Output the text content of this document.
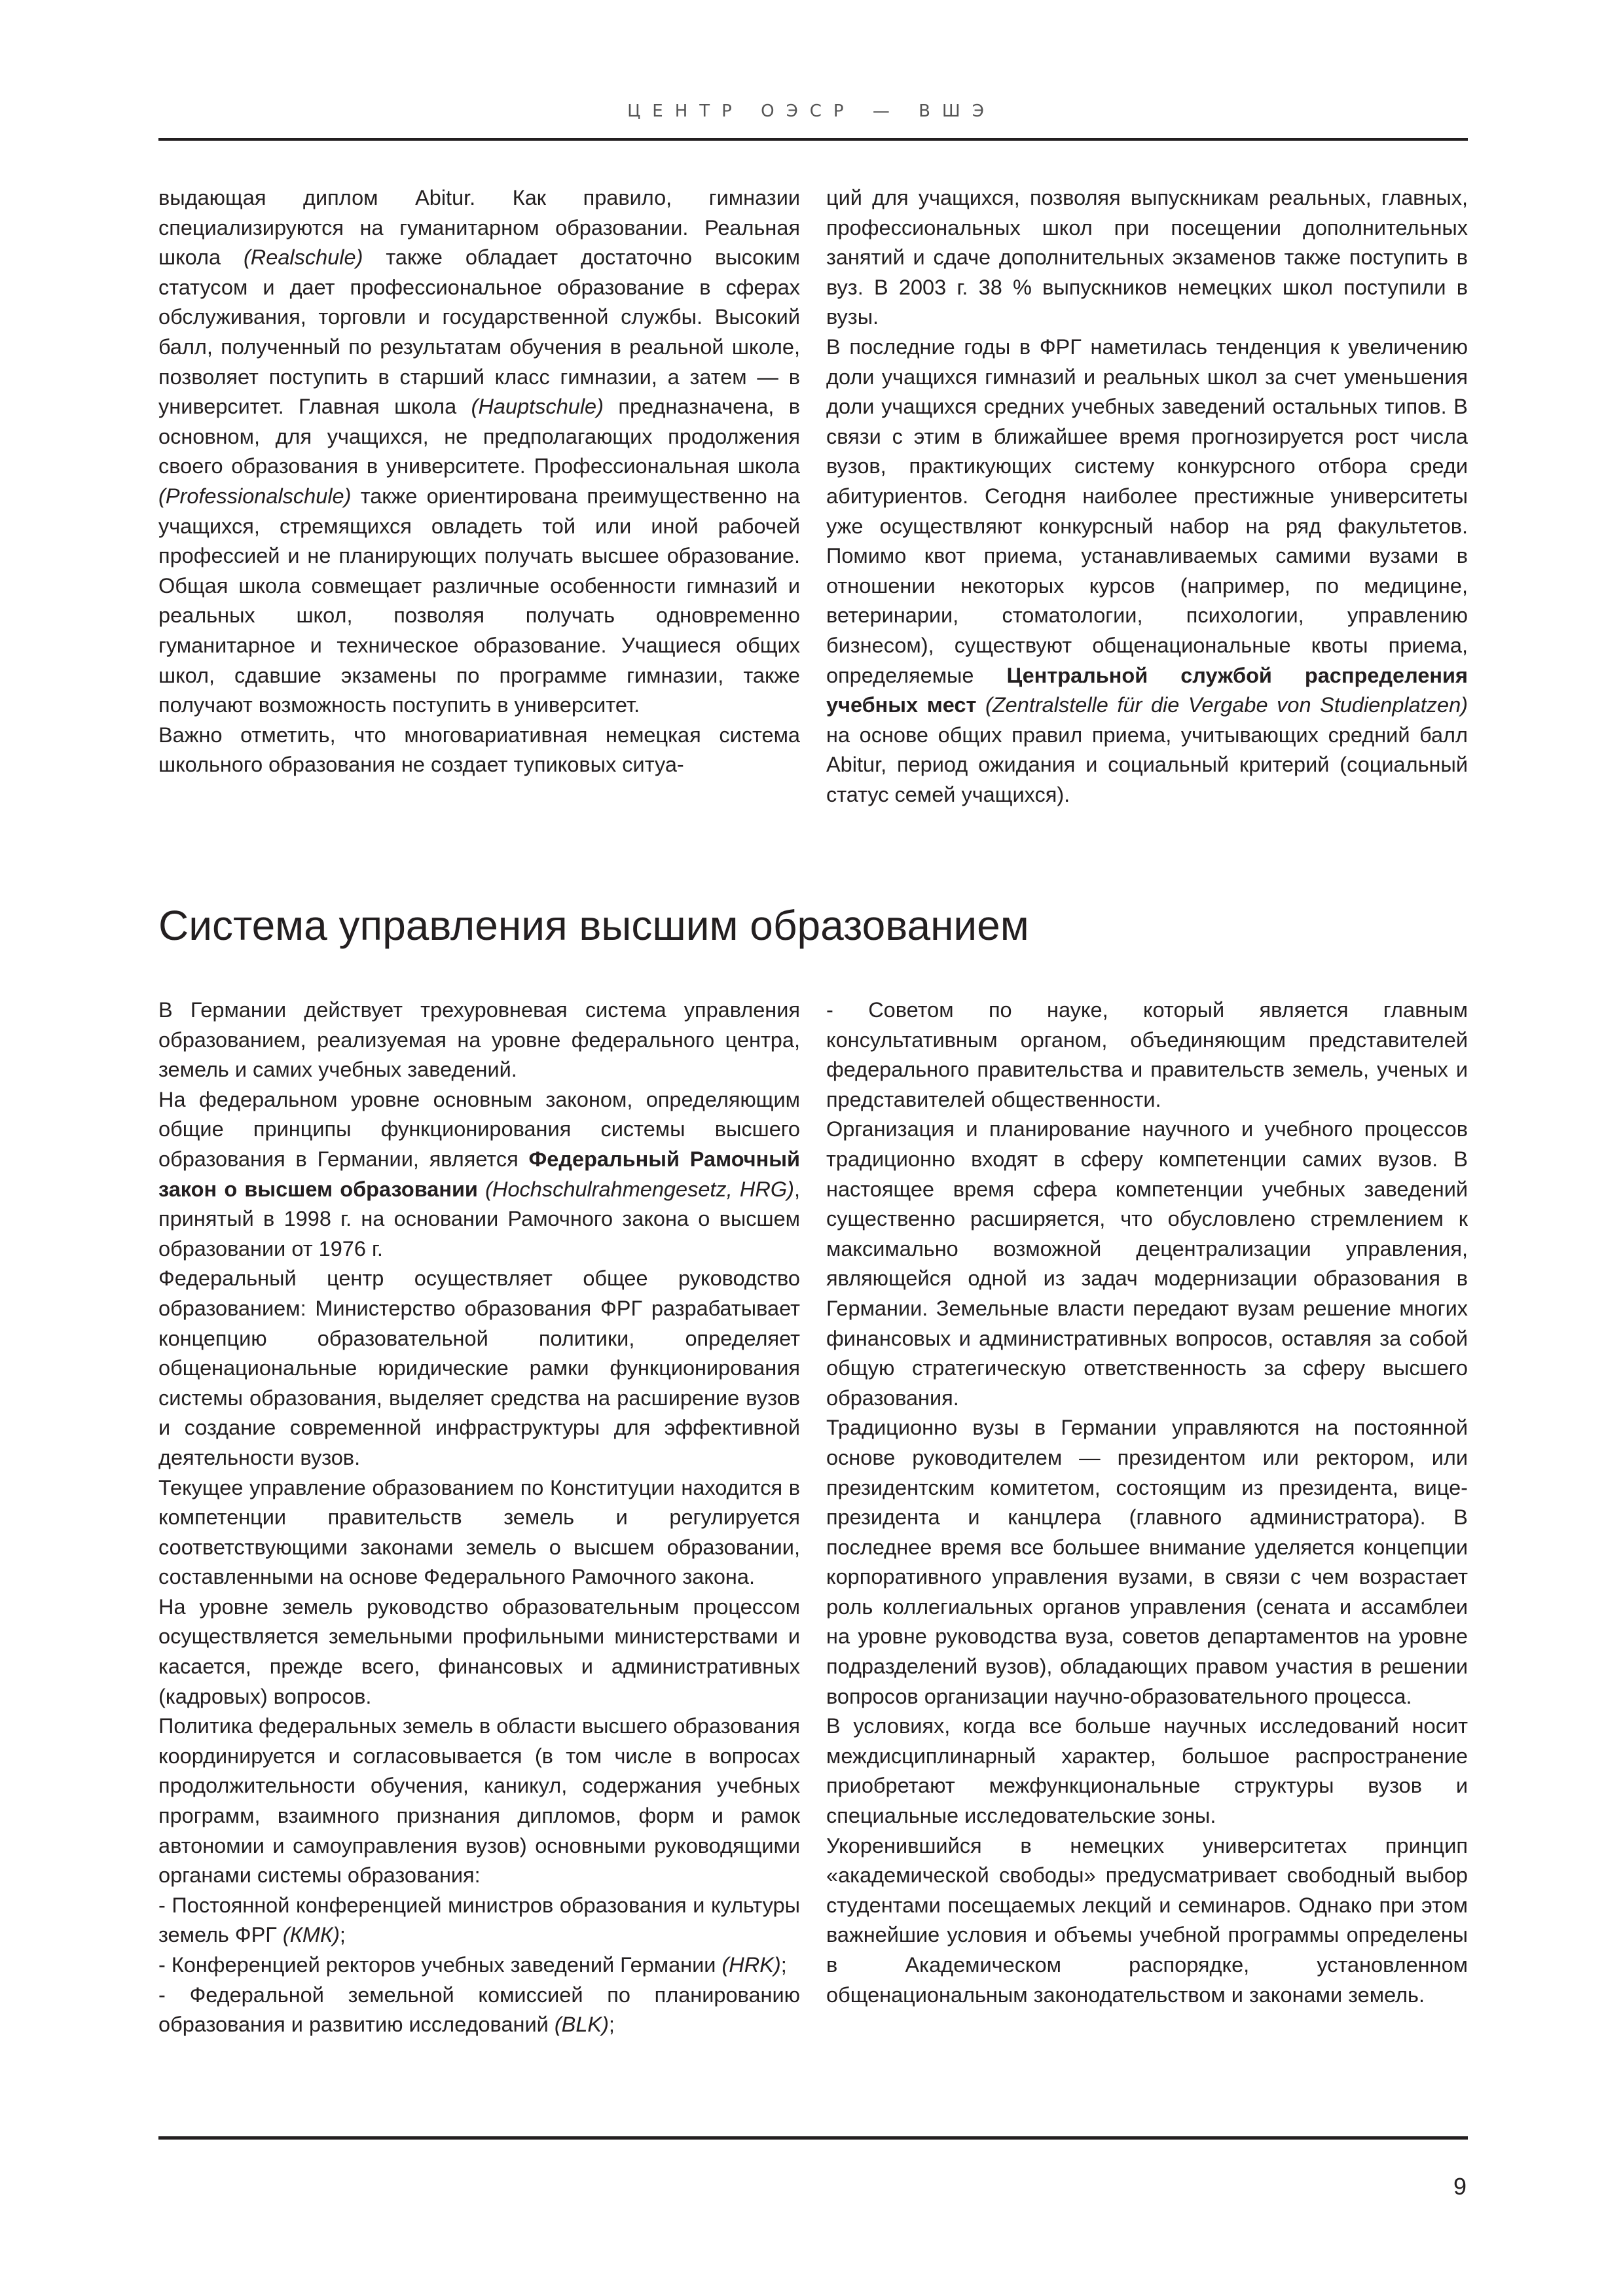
ЦЕНТР ОЭСР — ВШЭ

выдающая диплом Abitur. Как правило, гимназии специализируются на гуманитарном образовании. Реальная школа (Realschule) также обладает достаточно высоким статусом и дает профессиональное образование в сферах обслуживания, торговли и государственной службы. Высокий балл, полученный по результатам обучения в реальной школе, позволяет поступить в старший класс гимназии, а затем — в университет. Главная школа (Hauptschule) предназначена, в основном, для учащихся, не предполагающих продолжения своего образования в университете. Профессиональная школа (Professionalschule) также ориентирована преимущественно на учащихся, стремящихся овладеть той или иной рабочей профессией и не планирующих получать высшее образование. Общая школа совмещает различные особенности гимназий и реальных школ, позволяя получать одновременно гуманитарное и техническое образование. Учащиеся общих школ, сдавшие экзамены по программе гимназии, также получают возможность поступить в университет.

Важно отметить, что многовариативная немецкая система школьного образования не создает тупиковых ситуа-

ций для учащихся, позволяя выпускникам реальных, главных, профессиональных школ при посещении дополнительных занятий и сдаче дополнительных экзаменов также поступить в вуз. В 2003 г. 38 % выпускников немецких школ поступили в вузы.

В последние годы в ФРГ наметилась тенденция к увеличению доли учащихся гимназий и реальных школ за счет уменьшения доли учащихся средних учебных заведений остальных типов. В связи с этим в ближайшее время прогнозируется рост числа вузов, практикующих систему конкурсного отбора среди абитуриентов. Сегодня наиболее престижные университеты уже осуществляют конкурсный набор на ряд факультетов. Помимо квот приема, устанавливаемых самими вузами в отношении некоторых курсов (например, по медицине, ветеринарии, стоматологии, психологии, управлению бизнесом), существуют общенациональные квоты приема, определяемые Центральной службой распределения учебных мест (Zentralstelle für die Vergabe von Studienplatzen) на основе общих правил приема, учитывающих средний балл Abitur, период ожидания и социальный критерий (социальный статус семей учащихся).

Система управления высшим образованием

В Германии действует трехуровневая система управления образованием, реализуемая на уровне федерального центра, земель и самих учебных заведений.

На федеральном уровне основным законом, определяющим общие принципы функционирования системы высшего образования в Германии, является Федеральный Рамочный закон о высшем образовании (Hochschulrahmengesetz, HRG), принятый в 1998 г. на основании Рамочного закона о высшем образовании от 1976 г.

Федеральный центр осуществляет общее руководство образованием: Министерство образования ФРГ разрабатывает концепцию образовательной политики, определяет общенациональные юридические рамки функционирования системы образования, выделяет средства на расширение вузов и создание современной инфраструктуры для эффективной деятельности вузов.

Текущее управление образованием по Конституции находится в компетенции правительств земель и регулируется соответствующими законами земель о высшем образовании, составленными на основе Федерального Рамочного закона.

На уровне земель руководство образовательным процессом осуществляется земельными профильными министерствами и касается, прежде всего, финансовых и административных (кадровых) вопросов.

Политика федеральных земель в области высшего образования координируется и согласовывается (в том числе в вопросах продолжительности обучения, каникул, содержания учебных программ, взаимного признания дипломов, форм и рамок автономии и самоуправления вузов) основными руководящими органами системы образования:

- Постоянной конференцией министров образования и культуры земель ФРГ (КМК);

- Конференцией ректоров учебных заведений Германии (HRK);

- Федеральной земельной комиссией по планированию образования и развитию исследований (BLK);

- Советом по науке, который является главным консультативным органом, объединяющим представителей федерального правительства и правительств земель, ученых и представителей общественности.

Организация и планирование научного и учебного процессов традиционно входят в сферу компетенции самих вузов. В настоящее время сфера компетенции учебных заведений существенно расширяется, что обусловлено стремлением к максимально возможной децентрализации управления, являющейся одной из задач модернизации образования в Германии. Земельные власти передают вузам решение многих финансовых и административных вопросов, оставляя за собой общую стратегическую ответственность за сферу высшего образования.

Традиционно вузы в Германии управляются на постоянной основе руководителем — президентом или ректором, или президентским комитетом, состоящим из президента, вице-президента и канцлера (главного администратора). В последнее время все большее внимание уделяется концепции корпоративного управления вузами, в связи с чем возрастает роль коллегиальных органов управления (сената и ассамблеи на уровне руководства вуза, советов департаментов на уровне подразделений вузов), обладающих правом участия в решении вопросов организации научно-образовательного процесса.

В условиях, когда все больше научных исследований носит междисциплинарный характер, большое распространение приобретают межфункциональные структуры вузов и специальные исследовательские зоны.

Укоренившийся в немецких университетах принцип «академической свободы» предусматривает свободный выбор студентами посещаемых лекций и семинаров. Однако при этом важнейшие условия и объемы учебной программы определены в Академическом распорядке, установленном общенациональным законодательством и законами земель.

9
